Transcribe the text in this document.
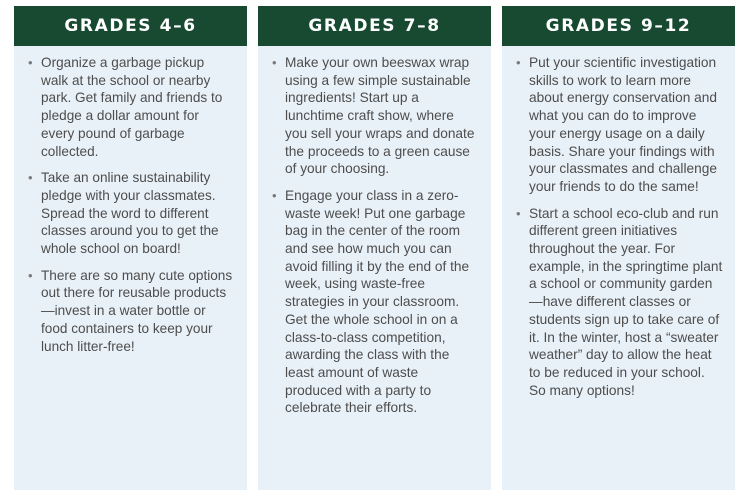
GRADES 4–6
• Organize a garbage pickup walk at the school or nearby park. Get family and friends to pledge a dollar amount for every pound of garbage collected.
• Take an online sustainability pledge with your classmates. Spread the word to different classes around you to get the whole school on board!
• There are so many cute options out there for reusable products—invest in a water bottle or food containers to keep your lunch litter-free!
GRADES 7–8
• Make your own beeswax wrap using a few simple sustainable ingredients! Start up a lunchtime craft show, where you sell your wraps and donate the proceeds to a green cause of your choosing.
• Engage your class in a zero-waste week! Put one garbage bag in the center of the room and see how much you can avoid filling it by the end of the week, using waste-free strategies in your classroom. Get the whole school in on a class-to-class competition, awarding the class with the least amount of waste produced with a party to celebrate their efforts.
GRADES 9–12
• Put your scientific investigation skills to work to learn more about energy conservation and what you can do to improve your energy usage on a daily basis. Share your findings with your classmates and challenge your friends to do the same!
• Start a school eco-club and run different green initiatives throughout the year. For example, in the springtime plant a school or community garden—have different classes or students sign up to take care of it. In the winter, host a “sweater weather” day to allow the heat to be reduced in your school. So many options!
